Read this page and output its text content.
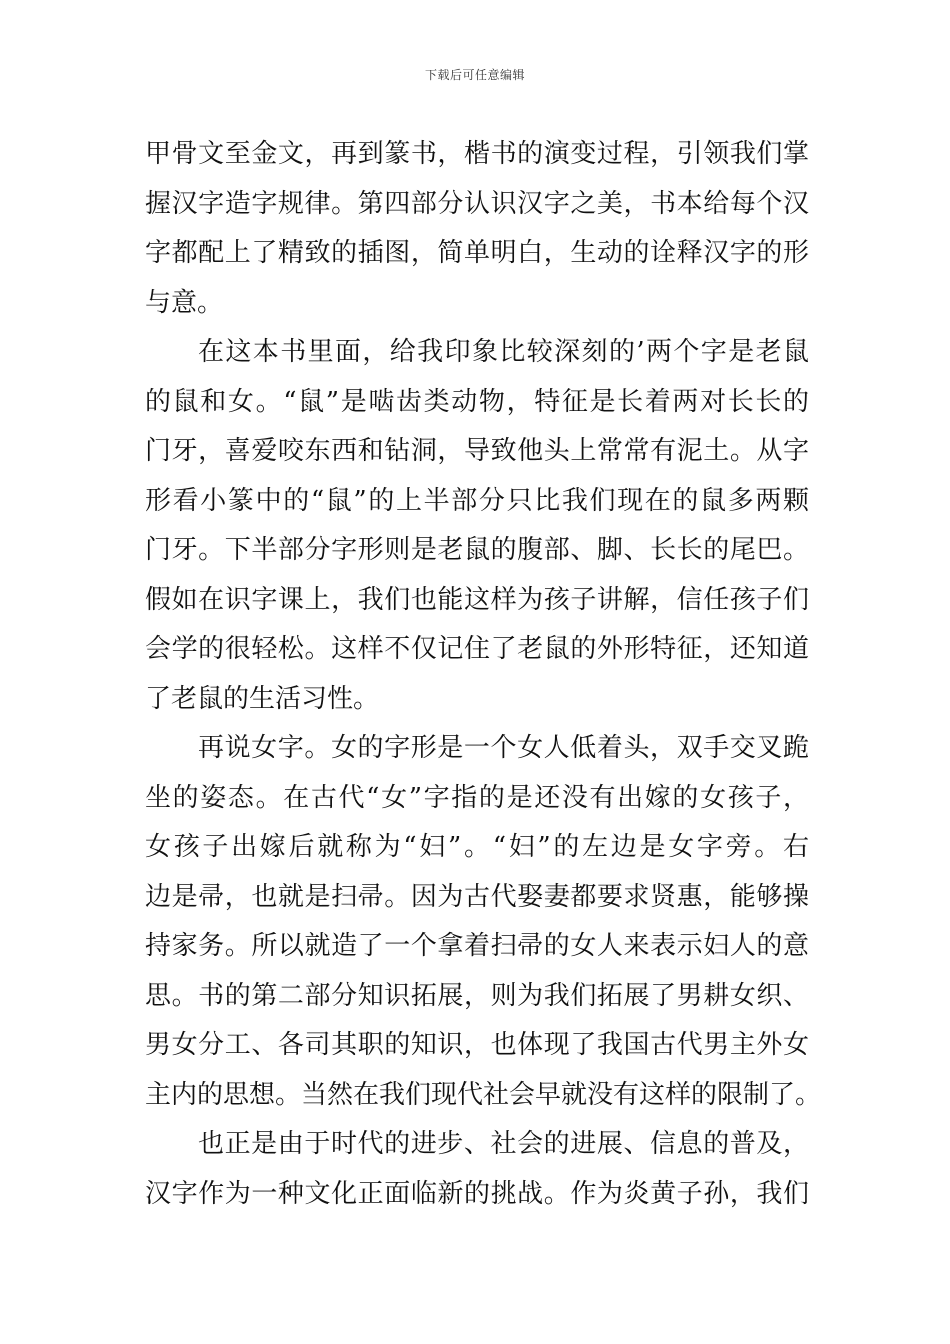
下载后可任意编辑
甲骨文至金文，再到篆书，楷书的演变过程，引领我们掌
握汉字造字规律。第四部分认识汉字之美，书本给每个汉
字都配上了精致的插图，简单明白，生动的诠释汉字的形
与意。
在这本书里面，给我印象比较深刻的’两个字是老鼠
的鼠和女。“鼠”是啮齿类动物，特征是长着两对长长的
门牙，喜爱咬东西和钻洞，导致他头上常常有泥土。从字
形看小篆中的“鼠”的上半部分只比我们现在的鼠多两颗
门牙。下半部分字形则是老鼠的腹部、脚、长长的尾巴。
假如在识字课上，我们也能这样为孩子讲解，信任孩子们
会学的很轻松。这样不仅记住了老鼠的外形特征，还知道
了老鼠的生活习性。
再说女字。女的字形是一个女人低着头，双手交叉跪
坐的姿态。在古代“女”字指的是还没有出嫁的女孩子，
女孩子出嫁后就称为“妇”。“妇”的左边是女字旁。右
边是帚，也就是扫帚。因为古代娶妻都要求贤惠，能够操
持家务。所以就造了一个拿着扫帚的女人来表示妇人的意
思。书的第二部分知识拓展，则为我们拓展了男耕女织、
男女分工、各司其职的知识，也体现了我国古代男主外女
主内的思想。当然在我们现代社会早就没有这样的限制了。
也正是由于时代的进步、社会的进展、信息的普及，
汉字作为一种文化正面临新的挑战。作为炎黄子孙，我们
